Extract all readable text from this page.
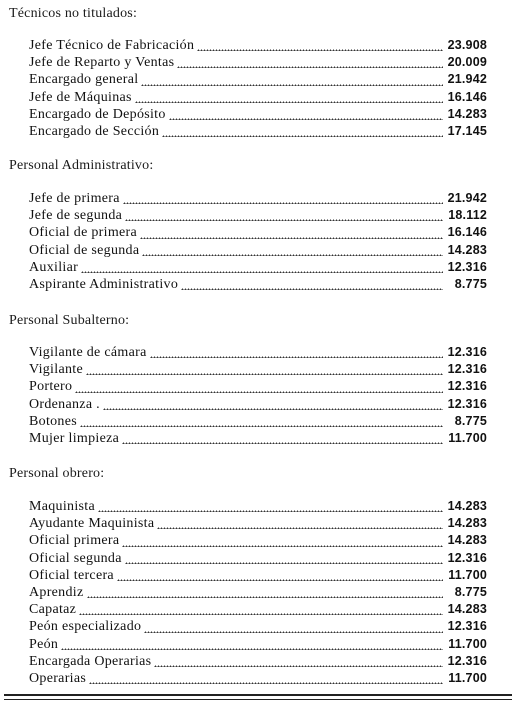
Técnicos no titulados:
Jefe Técnico de Fabricación	23.908
Jefe de Reparto y Ventas	20.009
Encargado general	21.942
Jefe de Máquinas	16.146
Encargado de Depósito	14.283
Encargado de Sección	17.145
Personal Administrativo:
Jefe de primera	21.942
Jefe de segunda	18.112
Oficial de primera	16.146
Oficial de segunda	14.283
Auxiliar	12.316
Aspirante Administrativo	8.775
Personal Subalterno:
Vigilante de cámara	12.316
Vigilante	12.316
Portero	12.316
Ordenanza .	12.316
Botones	8.775
Mujer limpieza	11.700
Personal obrero:
Maquinista	14.283
Ayudante Maquinista	14.283
Oficial primera	14.283
Oficial segunda	12.316
Oficial tercera	11.700
Aprendiz	8.775
Capataz	14.283
Peón especializado	12.316
Peón	11.700
Encargada Operarias	12.316
Operarias	11.700
